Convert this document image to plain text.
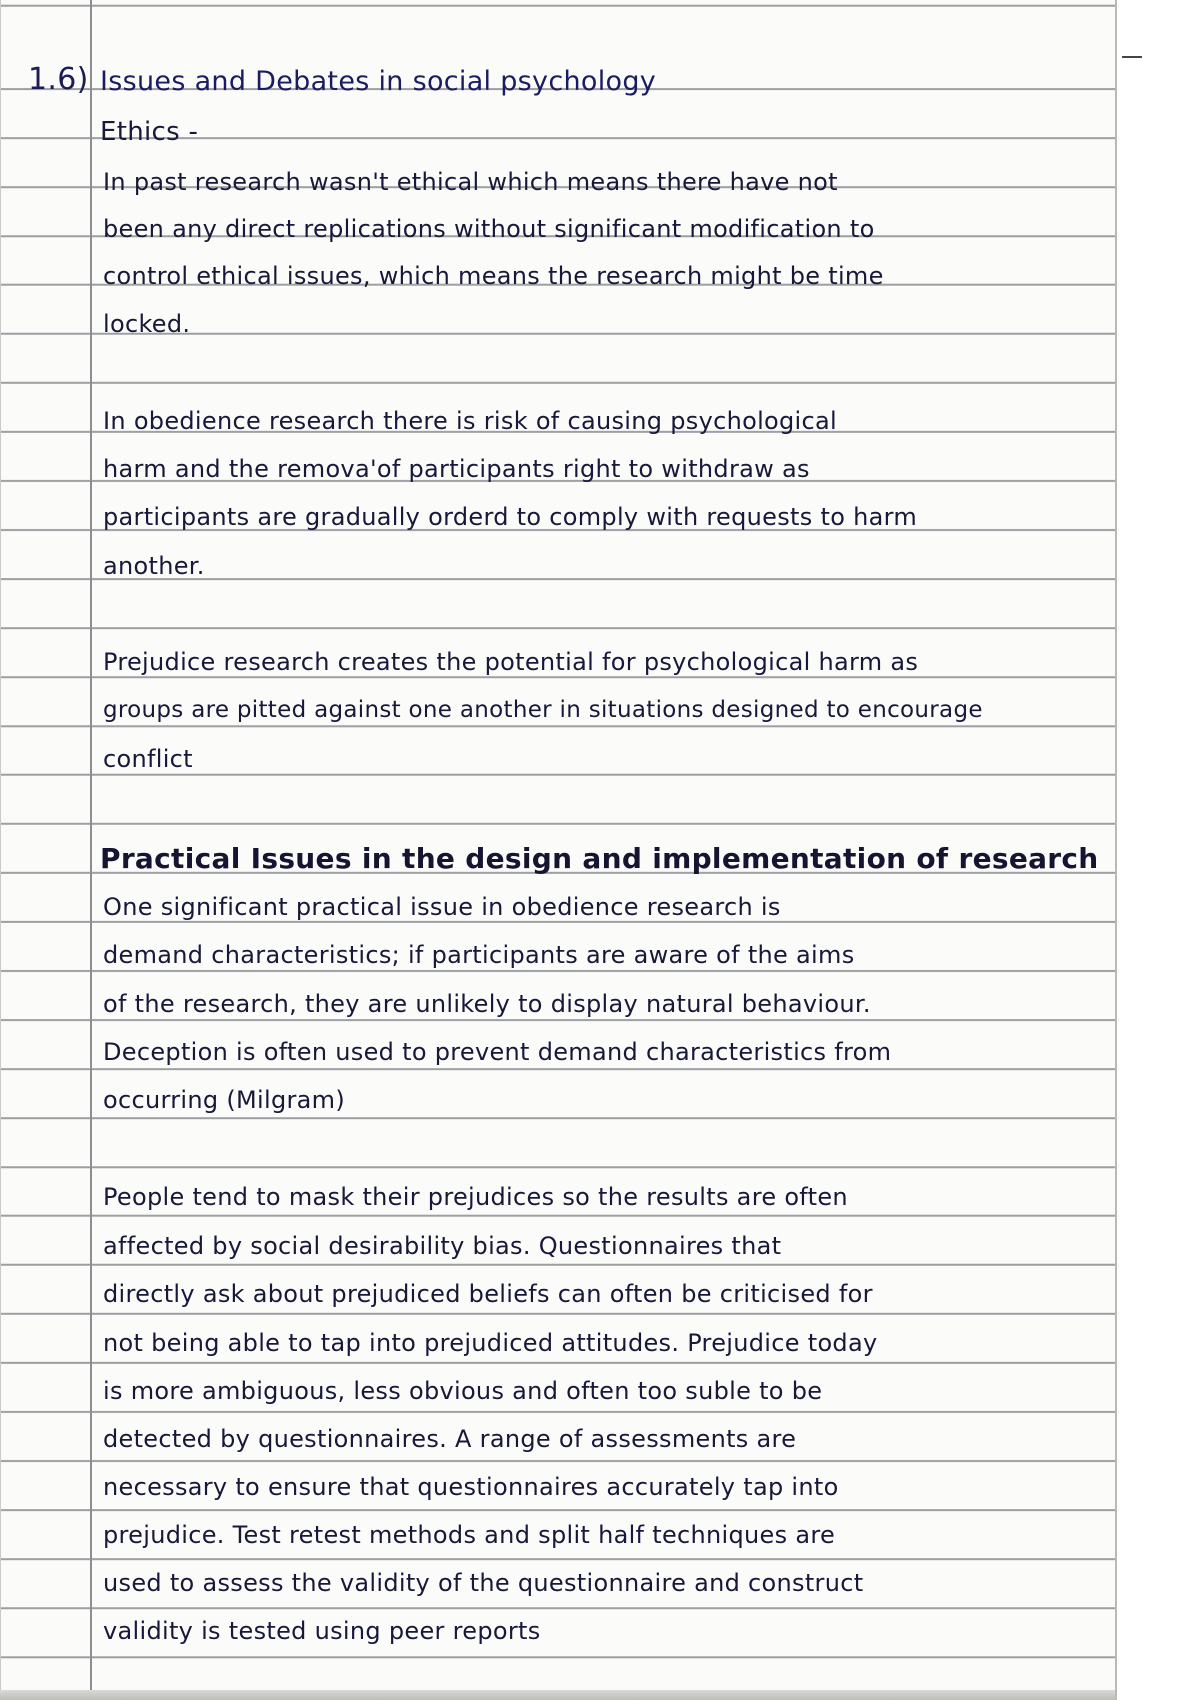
1.6) Issues and Debates in social psychology
Ethics -
In past research wasn't ethical which means there have not
been any direct replications without significant modification to
control ethical issues, which means the research might be time
locked.
In obedience research there is risk of causing psychological
harm and the remova'of participants right to withdraw as
participants are gradually orderd to comply with requests to harm
another.
Prejudice research creates the potential for psychological harm as
groups are pitted against one another in situations designed to encourage
conflict
Practical Issues in the design and implementation of research
One significant practical issue in obedience research is
demand characteristics; if participants are aware of the aims
of the research, they are unlikely to display natural behaviour.
Deception is often used to prevent demand characteristics from
occurring (Milgram)
People tend to mask their prejudices so the results are often
affected by social desirability bias. Questionnaires that
directly ask about prejudiced beliefs can often be criticised for
not being able to tap into prejudiced attitudes. Prejudice today
is more ambiguous, less obvious and often too suble to be
detected by questionnaires. A range of assessments are
necessary to ensure that questionnaires accurately tap into
prejudice. Test retest methods and split half techniques are
used to assess the validity of the questionnaire and construct
validity is tested using peer reports
